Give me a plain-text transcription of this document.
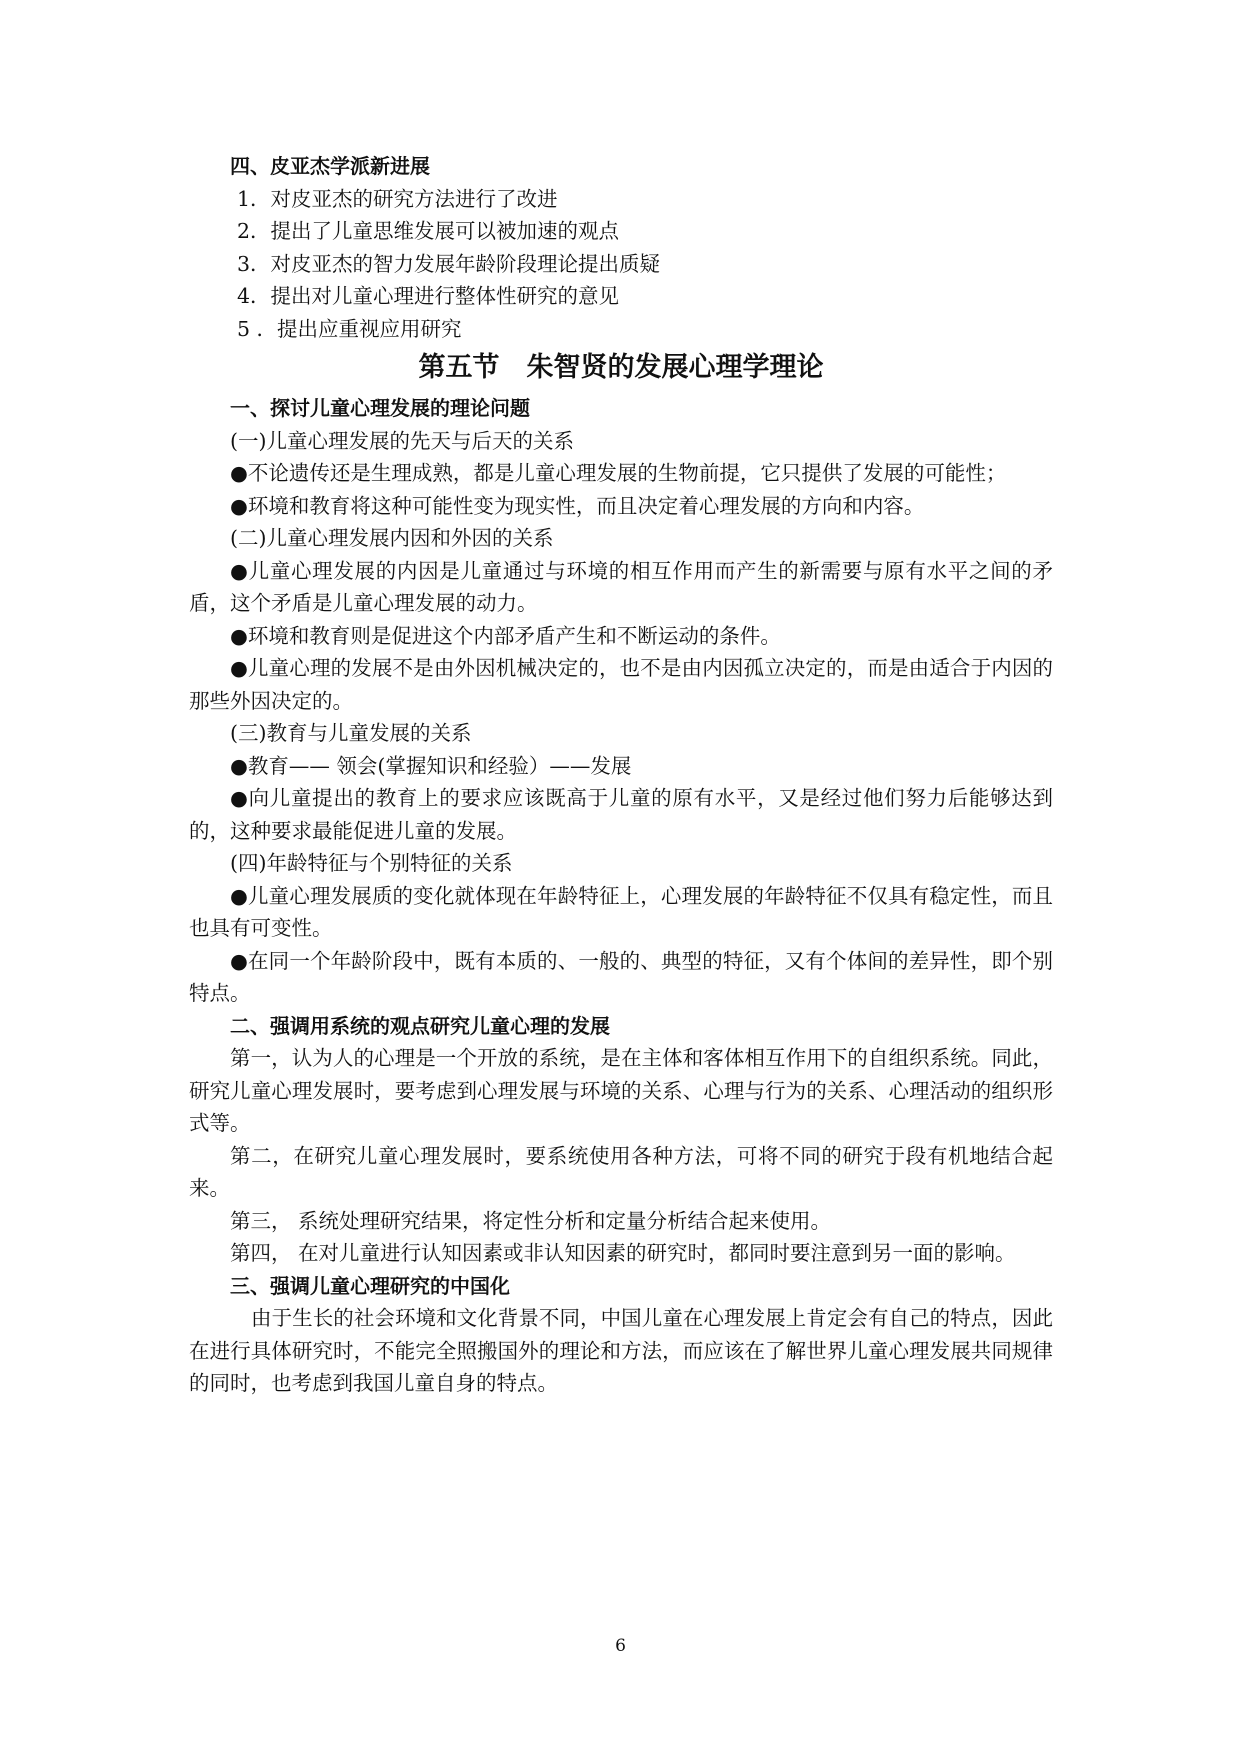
四、皮亚杰学派新进展

1．对皮亚杰的研究方法进行了改进

2．提出了儿童思维发展可以被加速的观点

3．对皮亚杰的智力发展年龄阶段理论提出质疑

4．提出对儿童心理进行整体性研究的意见

5 ．提出应重视应用研究

第五节　朱智贤的发展心理学理论

一、探讨儿童心理发展的理论问题

(一)儿童心理发展的先天与后天的关系

●不论遗传还是生理成熟，都是儿童心理发展的生物前提，它只提供了发展的可能性；

●环境和教育将这种可能性变为现实性，而且决定着心理发展的方向和内容。

(二)儿童心理发展内因和外因的关系

●儿童心理发展的内因是儿童通过与环境的相互作用而产生的新需要与原有水平之间的矛盾，这个矛盾是儿童心理发展的动力。

●环境和教育则是促进这个内部矛盾产生和不断运动的条件。

●儿童心理的发展不是由外因机械决定的，也不是由内因孤立决定的，而是由适合于内因的那些外因决定的。

(三)教育与儿童发展的关系

●教育—— 领会(掌握知识和经验）——发展

●向儿童提出的教育上的要求应该既高于儿童的原有水平，又是经过他们努力后能够达到的，这种要求最能促进儿童的发展。

(四)年龄特征与个别特征的关系

●儿童心理发展质的变化就体现在年龄特征上，心理发展的年龄特征不仅具有稳定性，而且也具有可变性。

●在同一个年龄阶段中，既有本质的、一般的、典型的特征，又有个体间的差异性，即个别特点。

二、强调用系统的观点研究儿童心理的发展

第一，认为人的心理是一个开放的系统，是在主体和客体相互作用下的自组织系统。同此，研究儿童心理发展时，要考虑到心理发展与环境的关系、心理与行为的关系、心理活动的组织形式等。

第二，在研究儿童心理发展时，要系统使用各种方法，可将不同的研究于段有机地结合起来。

第三， 系统处理研究结果，将定性分析和定量分析结合起来使用。

第四， 在对儿童进行认知因素或非认知因素的研究时，都同时要注意到另一面的影响。

三、强调儿童心理研究的中国化

由于生长的社会环境和文化背景不同，中国儿童在心理发展上肯定会有自己的特点，因此在进行具体研究时，不能完全照搬国外的理论和方法，而应该在了解世界儿童心理发展共同规律的同时，也考虑到我国儿童自身的特点。

6
